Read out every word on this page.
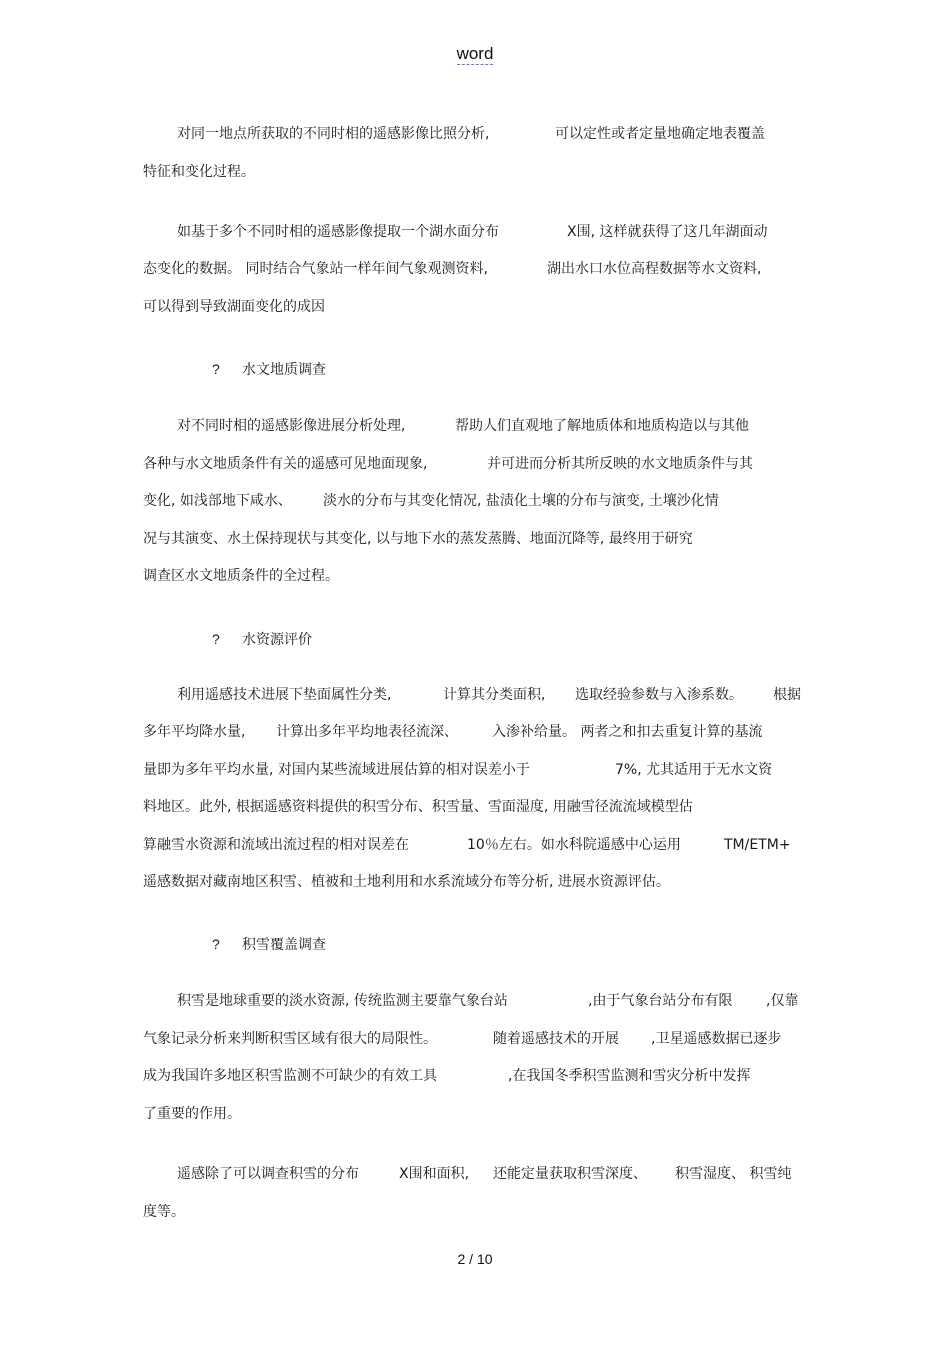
word
对同一地点所获取的不同时相的遥感影像比照分析,	可以定性或者定量地确定地表覆盖
特征和变化过程。
如基于多个不同时相的遥感影像提取一个湖水面分布	X围, 这样就获得了这几年湖面动
态变化的数据。 同时结合气象站一样年间气象观测资料,	湖出水口水位高程数据等水文资料,
可以得到导致湖面变化的成因
? 水文地质调查
对不同时相的遥感影像进展分析处理,	帮助人们直观地了解地质体和地质构造以与其他
各种与水文地质条件有关的遥感可见地面现象,	并可进而分析其所反映的水文地质条件与其
变化, 如浅部地下咸水、 淡水的分布与其变化情况, 盐渍化土壤的分布与演变, 土壤沙化情
况与其演变、水土保持现状与其变化, 以与地下水的蒸发蒸腾、地面沉降等, 最终用于研究
调查区水文地质条件的全过程。
? 水资源评价
利用遥感技术进展下垫面属性分类,	计算其分类面积, 选取经验参数与入渗系数。 根据
多年平均降水量, 计算出多年平均地表径流深、 入渗补给量。 两者之和扣去重复计算的基流
量即为多年平均水量, 对国内某些流域进展估算的相对误差小于	7%, 尤其适用于无水文资
料地区。此外, 根据遥感资料提供的积雪分布、积雪量、雪面湿度, 用融雪径流流域模型估
算融雪水资源和流域出流过程的相对误差在	10％左右。如水科院遥感中心运用	TM/ETM+
遥感数据对藏南地区积雪、植被和土地利用和水系流域分布等分析, 进展水资源评估。
? 积雪覆盖调查
积雪是地球重要的淡水资源, 传统监测主要靠气象台站	,由于气象台站分布有限 ,仅靠
气象记录分析来判断积雪区域有很大的局限性。	随着遥感技术的开展 ,卫星遥感数据已逐步
成为我国许多地区积雪监测不可缺少的有效工具	,在我国冬季积雪监测和雪灾分析中发挥
了重要的作用。
遥感除了可以调查积雪的分布	X围和面积, 还能定量获取积雪深度、 积雪湿度、 积雪纯
度等。
2 / 10
